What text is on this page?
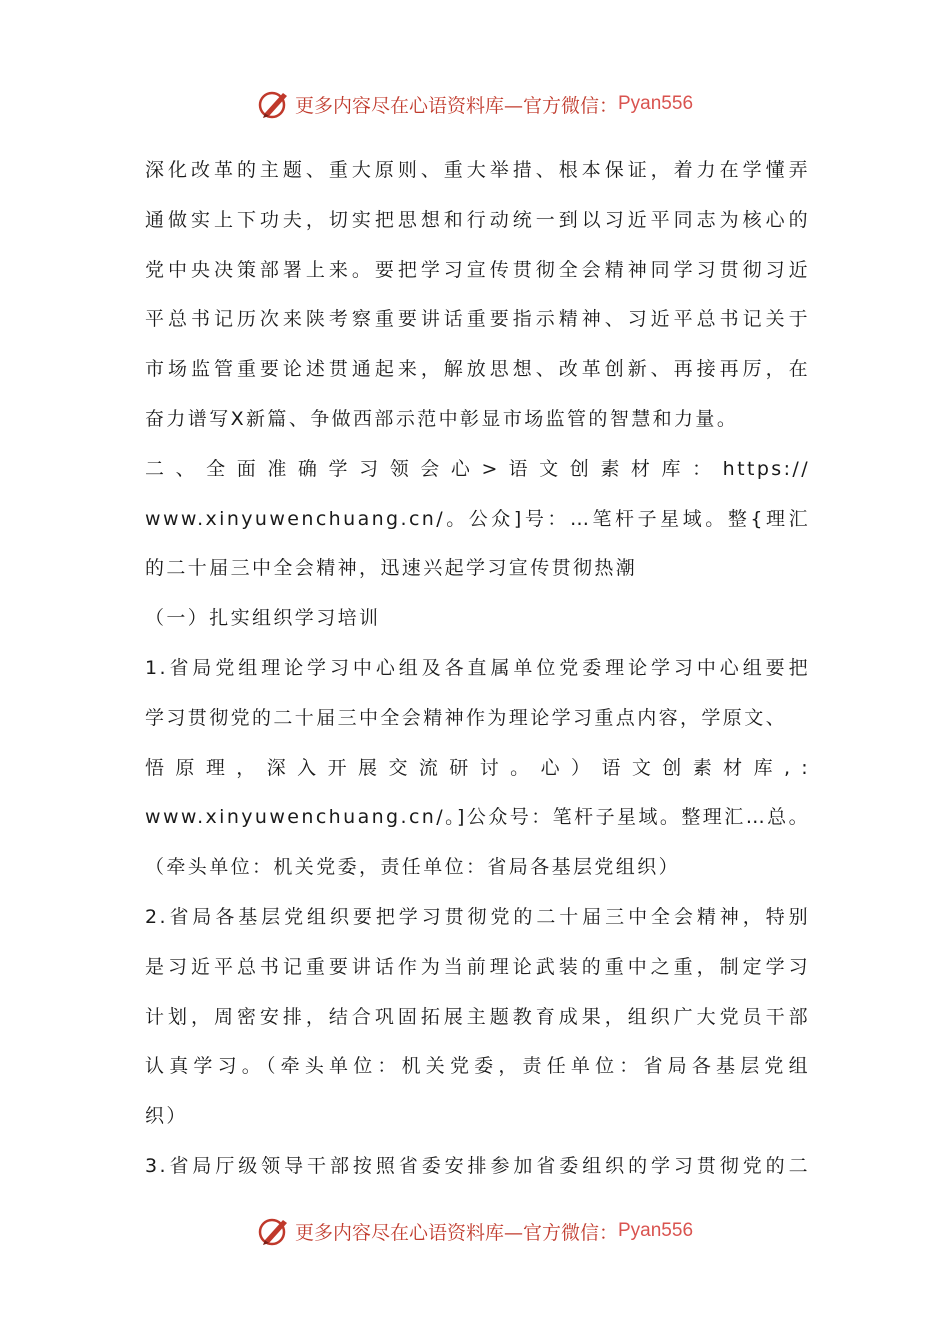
更多内容尽在心语资料库—官方微信： Pyan556
深化改革的主题、重大原则、重大举措、根本保证，着力在学懂弄
通做实上下功夫，切实把思想和行动统一到以习近平同志为核心的
党中央决策部署上来。要把学习宣传贯彻全会精神同学习贯彻习近
平总书记历次来陕考察重要讲话重要指示精神、习近平总书记关于
市场监管重要论述贯通起来，解放思想、改革创新、再接再厉，在
奋力谱写X新篇、争做西部示范中彰显市场监管的智慧和力量。
二 、 全 面 准 确 学 习 领 会 心 > 语 文 创 素 材 库 ： https://
www.xinyuwenchuang.cn/。公众]号：…笔杆子星域。整{理汇
的二十届三中全会精神，迅速兴起学习宣传贯彻热潮
（一）扎实组织学习培训
1.省局党组理论学习中心组及各直属单位党委理论学习中心组要把
学习贯彻党的二十届三中全会精神作为理论学习重点内容，学原文、
悟 原 理 ， 深 入 开 展 交 流 研 讨 。 心 ） 语 文 创 素 材 库 , :
www.xinyuwenchuang.cn/。]公众号：笔杆子星域。整理汇…总。
（牵头单位：机关党委，责任单位：省局各基层党组织）
2.省局各基层党组织要把学习贯彻党的二十届三中全会精神，特别
是习近平总书记重要讲话作为当前理论武装的重中之重，制定学习
计划，周密安排，结合巩固拓展主题教育成果，组织广大党员干部
认真学习。（牵头单位：机关党委，责任单位：省局各基层党组
织）
3.省局厅级领导干部按照省委安排参加省委组织的学习贯彻党的二
更多内容尽在心语资料库—官方微信： Pyan556
